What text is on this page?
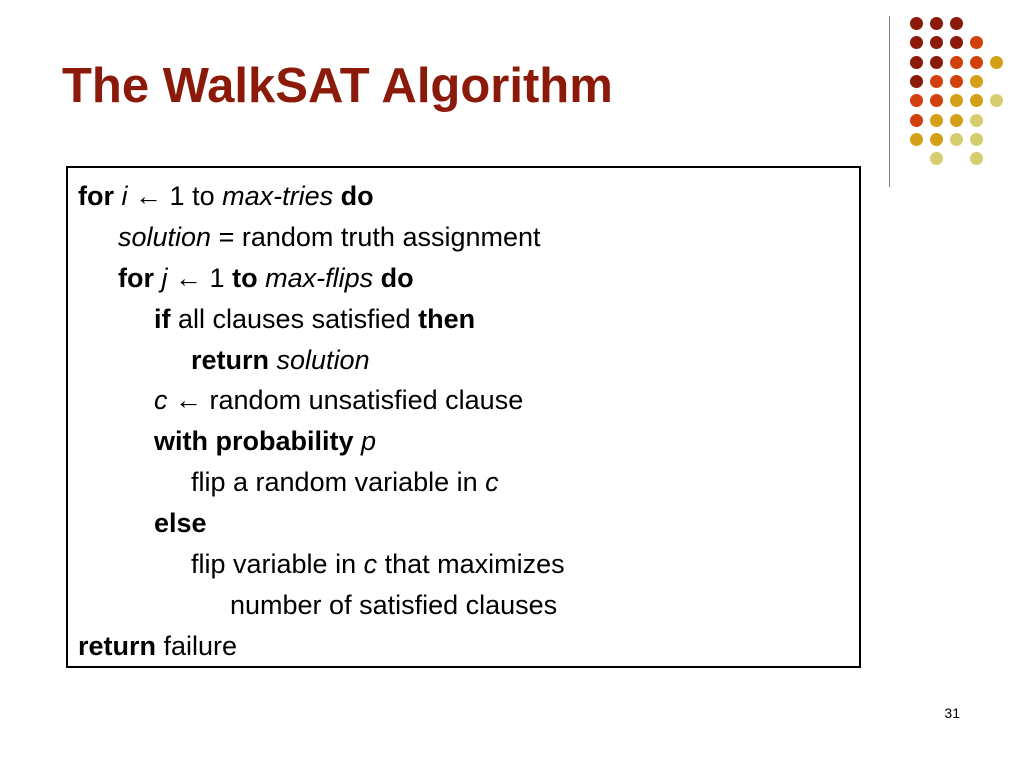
The WalkSAT Algorithm
for i ← 1 to max-tries do
solution = random truth assignment
for j ← 1 to max-flips do
if all clauses satisfied then
return solution
c ← random unsatisfied clause
with probability p
flip a random variable in c
else
flip variable in c that maximizes
number of satisfied clauses
return failure
31
